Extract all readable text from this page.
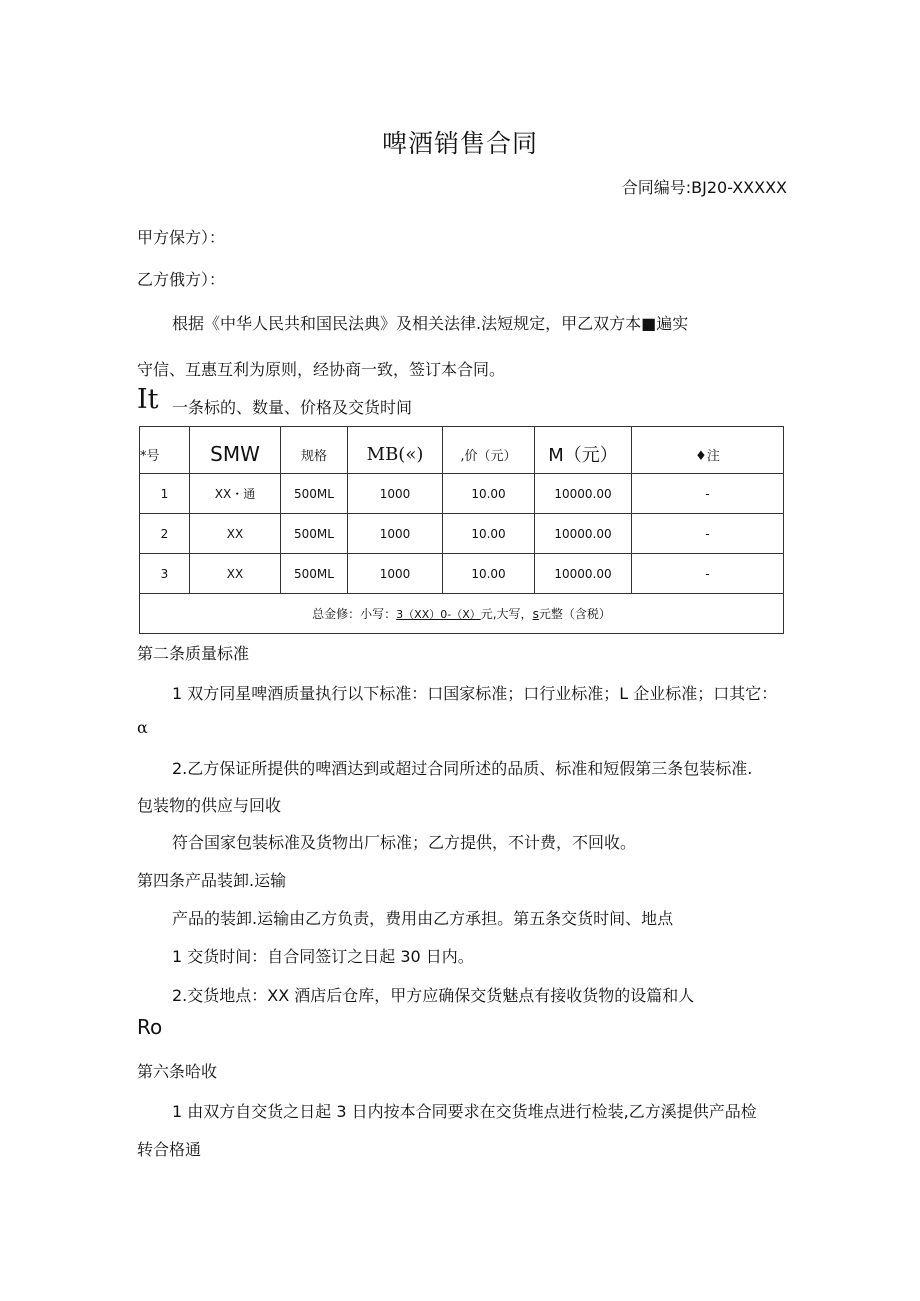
啤酒销售合同
合同编号:BJ20-XXXXX
甲方保方）：
乙方俄方）：
根据《中华人民共和国民法典》及相关法律.法短规定，甲乙双方本■遍实
守信、互惠互利为原则，经协商一致，签订本合同。
It 一条标的、数量、价格及交货时间
*号	SMW	规格	MB(«)	,价（元）	M（元）	♦注
1	XX・通	500ML	1000	10.00	10000.00	-
2	XX	500ML	1000	10.00	10000.00	-
3	XX	500ML	1000	10.00	10000.00	-
总金修：小写：3（XX）0-（X）元,大写，s元整（含税）						
第二条质量标准
1 双方同星啤酒质量执行以下标准：口国家标准；口行业标准；L 企业标准；口其它：
α
2.乙方保证所提供的啤酒达到或超过合同所述的品质、标准和短假第三条包装标准.
包装物的供应与回收
符合国家包装标准及货物出厂标准；乙方提供，不计费，不回收。
第四条产品装卸.运输
产品的装卸.运输由乙方负责，费用由乙方承担。第五条交货时间、地点
1 交货时间：自合同签订之日起 30 日内。
2.交货地点：XX 酒店后仓库，甲方应确保交货魅点有接收货物的设篇和人
Ro
第六条哈收
1 由双方自交货之日起 3 日内按本合同要求在交货堆点进行检装,乙方溪提供产品检
转合格通
